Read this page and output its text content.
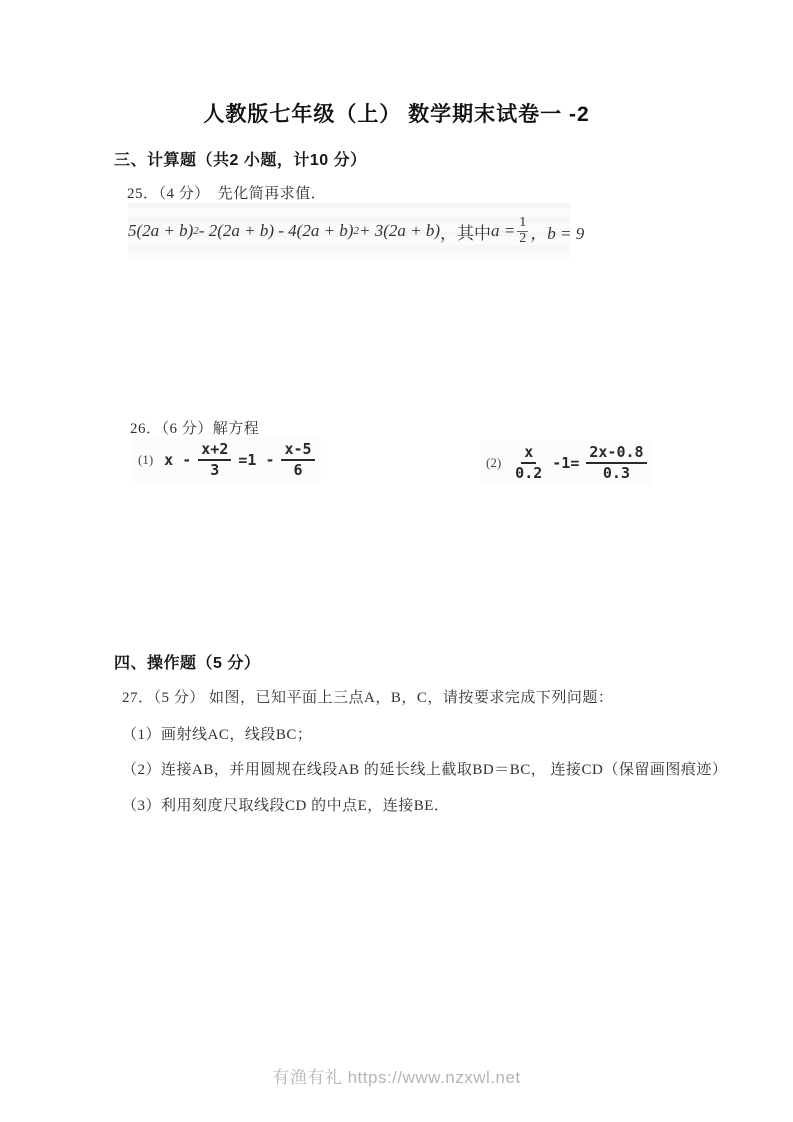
人教版七年级（上） 数学期末试卷一 -2
三、计算题（共2 小题，计10 分）
25．（4 分）　先化简再求值．
5(2a + b) 2 - 2(2a + b) - 4(2a + b) 2 + 3(2a + b) ，其中 $a = \frac{1}{2}$ ，b = 9
26．（6 分）解方程
(1) $x - \frac{x+2}{3} =1 - \frac{x-5}{6}$	$(2) \frac{x}{0.2} -1= \frac{2x-0.8}{0.3}$
四、操作题（5 分）
27．（5 分） 如图，已知平面上三点A，B，C，请按要求完成下列问题：
（1）画射线AC，线段BC；
（2）连接AB，并用圆规在线段AB 的延长线上截取BD＝BC， 连接CD（保留画图痕迹）
（3）利用刻度尺取线段CD 的中点E，连接BE．
有渔有礼 https://www.nzxwl.net
